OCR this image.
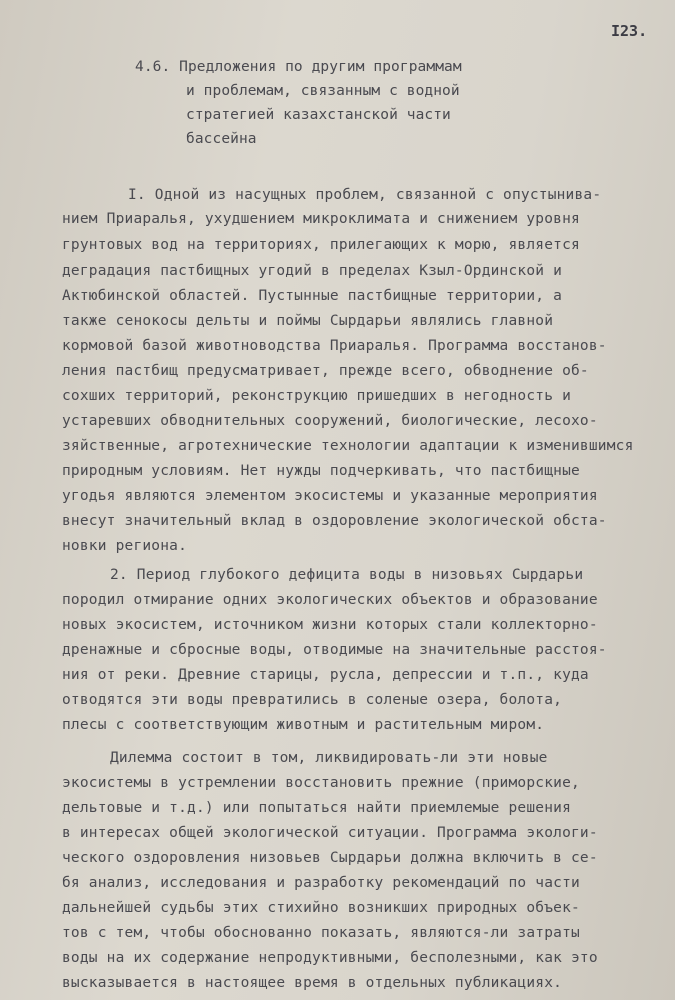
I23.
4.6. Предложения по другим программам
и проблемам, связанным с водной
стратегией казахстанской части
бассейна
I. Одной из насущных проблем, связанной с опустынива-
нием Приаралья, ухудшением микроклимата и снижением уровня
грунтовых вод на территориях, прилегающих к морю, является
деградация пастбищных угодий в пределах Кзыл-Ординской и
Актюбинской областей. Пустынные пастбищные территории, а
также сенокосы дельты и поймы Сырдарьи являлись главной
кормовой базой животноводства Приаралья. Программа восстанов-
ления пастбищ предусматривает, прежде всего, обводнение об-
сохших территорий, реконструкцию пришедших в негодность и
устаревших обводнительных сооружений, биологические, лесохо-
зяйственные, агротехнические технологии адаптации к изменившимся
природным условиям. Нет нужды подчеркивать, что пастбищные
угодья являются элементом экосистемы и указанные мероприятия
внесут значительный вклад в оздоровление экологической обста-
новки региона.
2. Период глубокого дефицита воды в низовьях Сырдарьи
породил отмирание одних экологических объектов и образование
новых экосистем, источником жизни которых стали коллекторно-
дренажные и сбросные воды, отводимые на значительные расстоя-
ния от реки. Древние старицы, русла, депрессии и т.п., куда
отводятся эти воды превратились в соленые озера, болота,
плесы с соответствующим животным и растительным миром.
Дилемма состоит в том, ликвидировать-ли эти новые
экосистемы в устремлении восстановить прежние (приморские,
дельтовые и т.д.) или попытаться найти приемлемые решения
в интересах общей экологической ситуации. Программа экологи-
ческого оздоровления низовьев Сырдарьи должна включить в се-
бя анализ, исследования и разработку рекомендаций по части
дальнейшей судьбы этих стихийно возникших природных объек-
тов с тем, чтобы обоснованно показать, являются-ли затраты
воды на их содержание непродуктивными, бесполезными, как это
высказывается в настоящее время в отдельных публикациях.
